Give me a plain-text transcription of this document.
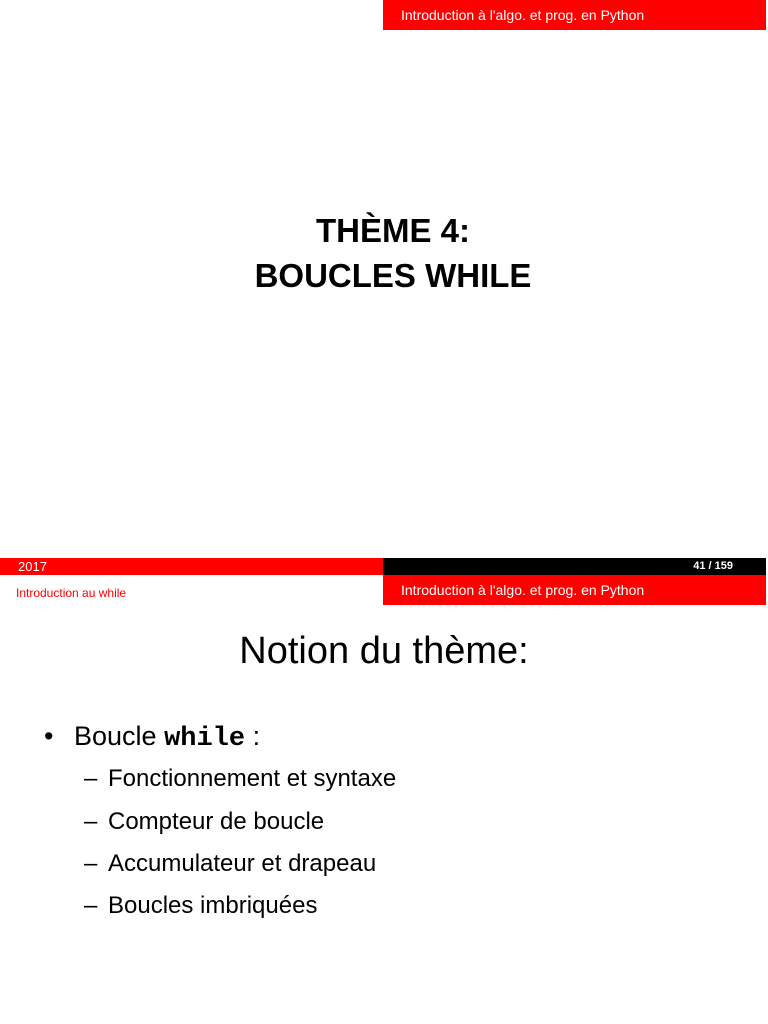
Introduction à l'algo. et prog. en Python
THÈME 4:
BOUCLES WHILE
2017	41 / 159
Introduction à l'algo. et prog. en Python
Introduction au while
Notion du thème:
• Boucle while :
– Fonctionnement et syntaxe
– Compteur de boucle
– Accumulateur et drapeau
– Boucles imbriquées
